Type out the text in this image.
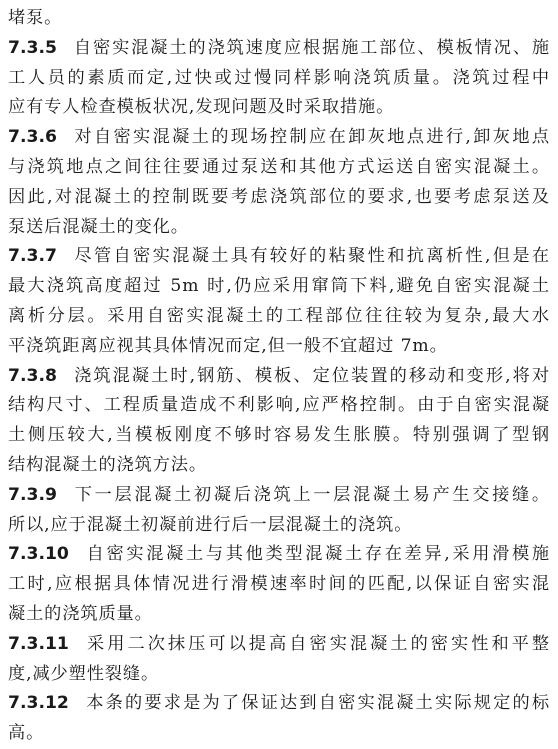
堵泵。
7.3.5 自密实混凝土的浇筑速度应根据施工部位、模板情况、施
工人员的素质而定,过快或过慢同样影响浇筑质量。浇筑过程中
应有专人检查模板状况,发现问题及时采取措施。
7.3.6 对自密实混凝土的现场控制应在卸灰地点进行,卸灰地点
与浇筑地点之间往往要通过泵送和其他方式运送自密实混凝土。
因此,对混凝土的控制既要考虑浇筑部位的要求,也要考虑泵送及
泵送后混凝土的变化。
7.3.7 尽管自密实混凝土具有较好的粘聚性和抗离析性,但是在
最大浇筑高度超过 5m 时,仍应采用窜筒下料,避免自密实混凝土
离析分层。采用自密实混凝土的工程部位往往较为复杂,最大水
平浇筑距离应视其具体情况而定,但一般不宜超过 7m。
7.3.8 浇筑混凝土时,钢筋、模板、定位装置的移动和变形,将对
结构尺寸、工程质量造成不利影响,应严格控制。由于自密实混凝
土侧压较大,当模板刚度不够时容易发生胀膜。特别强调了型钢
结构混凝土的浇筑方法。
7.3.9 下一层混凝土初凝后浇筑上一层混凝土易产生交接缝。
所以,应于混凝土初凝前进行后一层混凝土的浇筑。
7.3.10 自密实混凝土与其他类型混凝土存在差异,采用滑模施
工时,应根据具体情况进行滑模速率时间的匹配,以保证自密实混
凝土的浇筑质量。
7.3.11 采用二次抹压可以提高自密实混凝土的密实性和平整
度,减少塑性裂缝。
7.3.12 本条的要求是为了保证达到自密实混凝土实际规定的标
高。
